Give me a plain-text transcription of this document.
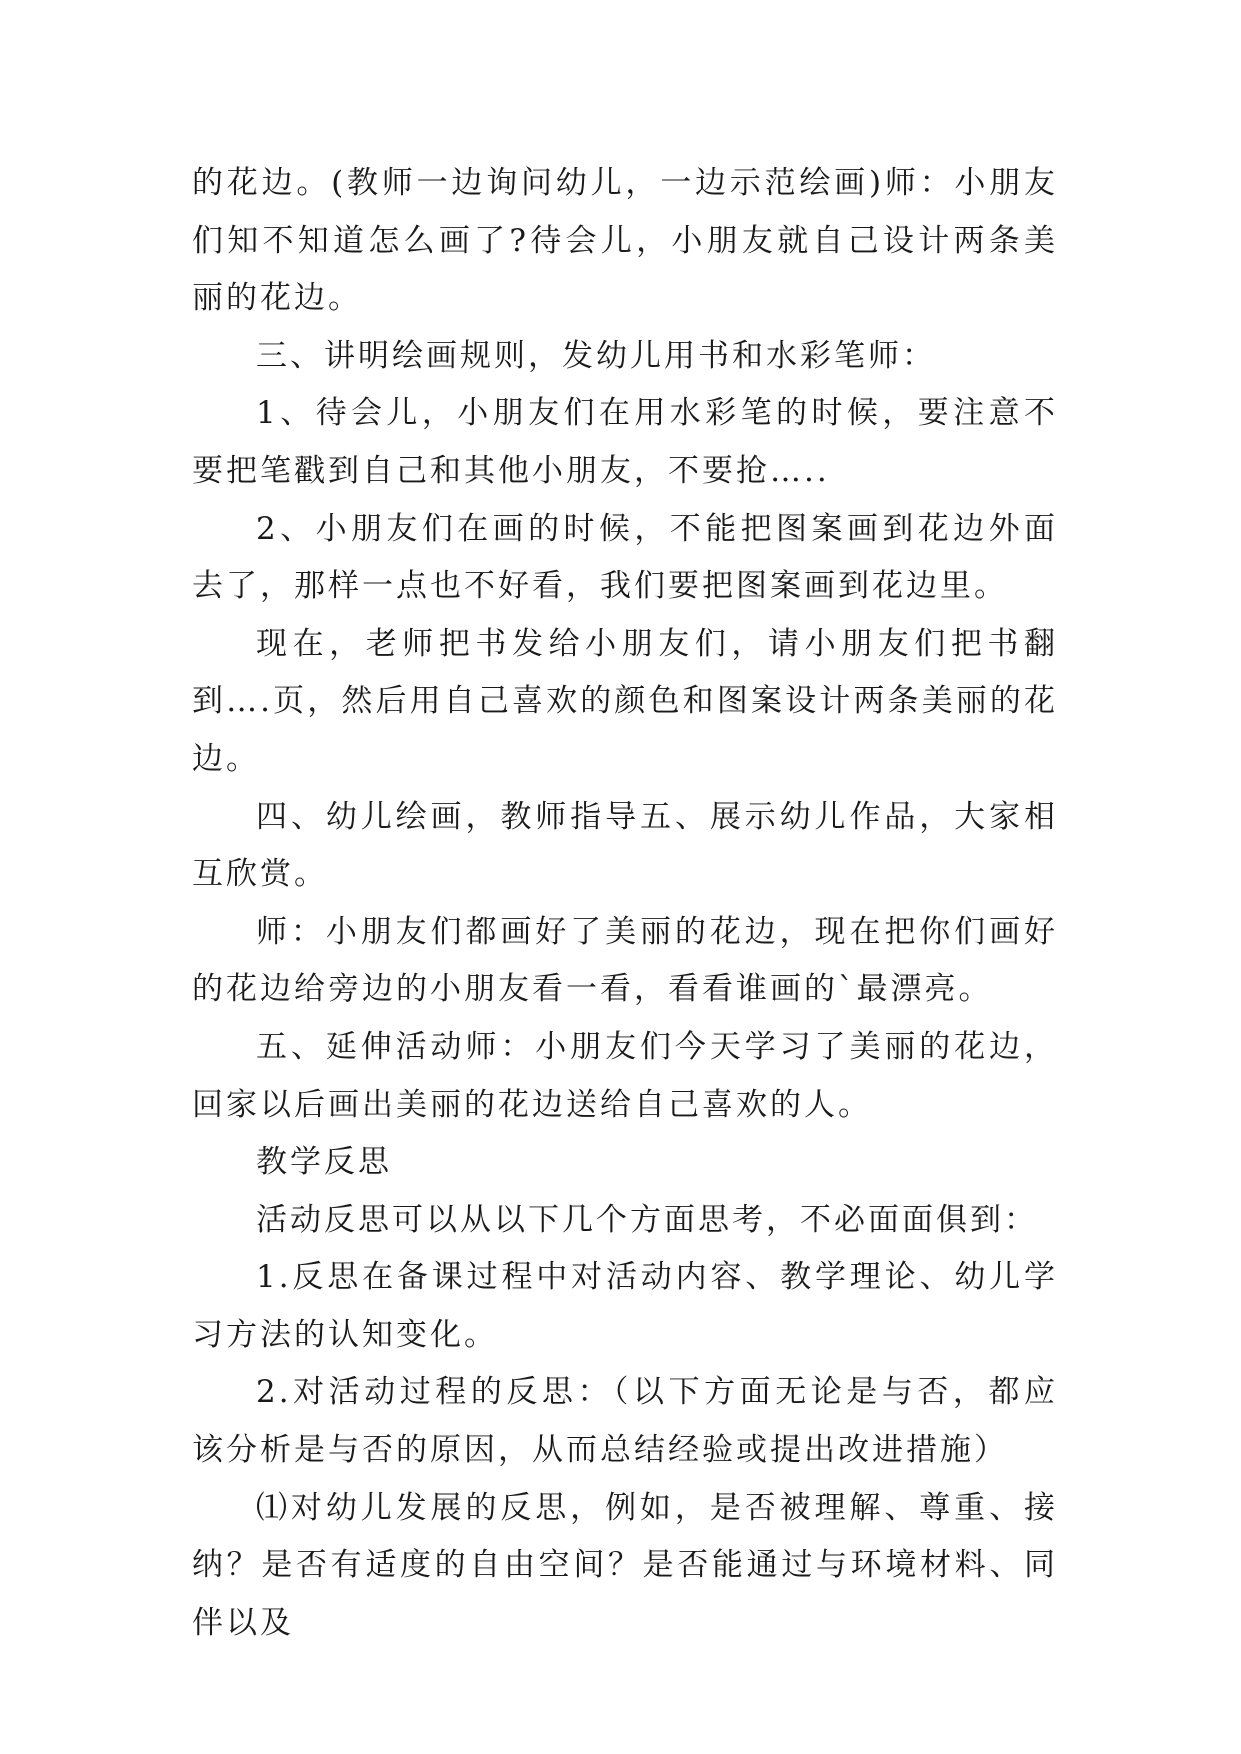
的花边。(教师一边询问幼儿，一边示范绘画)师：小朋友们知不知道怎么画了?待会儿，小朋友就自己设计两条美丽的花边。

三、讲明绘画规则，发幼儿用书和水彩笔师：

1、待会儿，小朋友们在用水彩笔的时候，要注意不要把笔戳到自己和其他小朋友，不要抢…..

2、小朋友们在画的时候，不能把图案画到花边外面去了，那样一点也不好看，我们要把图案画到花边里。

现在，老师把书发给小朋友们，请小朋友们把书翻到….页，然后用自己喜欢的颜色和图案设计两条美丽的花边。

四、幼儿绘画，教师指导五、展示幼儿作品，大家相互欣赏。

师：小朋友们都画好了美丽的花边，现在把你们画好的花边给旁边的小朋友看一看，看看谁画的`最漂亮。

五、延伸活动师：小朋友们今天学习了美丽的花边，回家以后画出美丽的花边送给自己喜欢的人。

教学反思

活动反思可以从以下几个方面思考，不必面面俱到：

1.反思在备课过程中对活动内容、教学理论、幼儿学习方法的认知变化。

2.对活动过程的反思：（以下方面无论是与否，都应该分析是与否的原因，从而总结经验或提出改进措施）

⑴对幼儿发展的反思，例如，是否被理解、尊重、接纳？是否有适度的自由空间？是否能通过与环境材料、同伴以及
